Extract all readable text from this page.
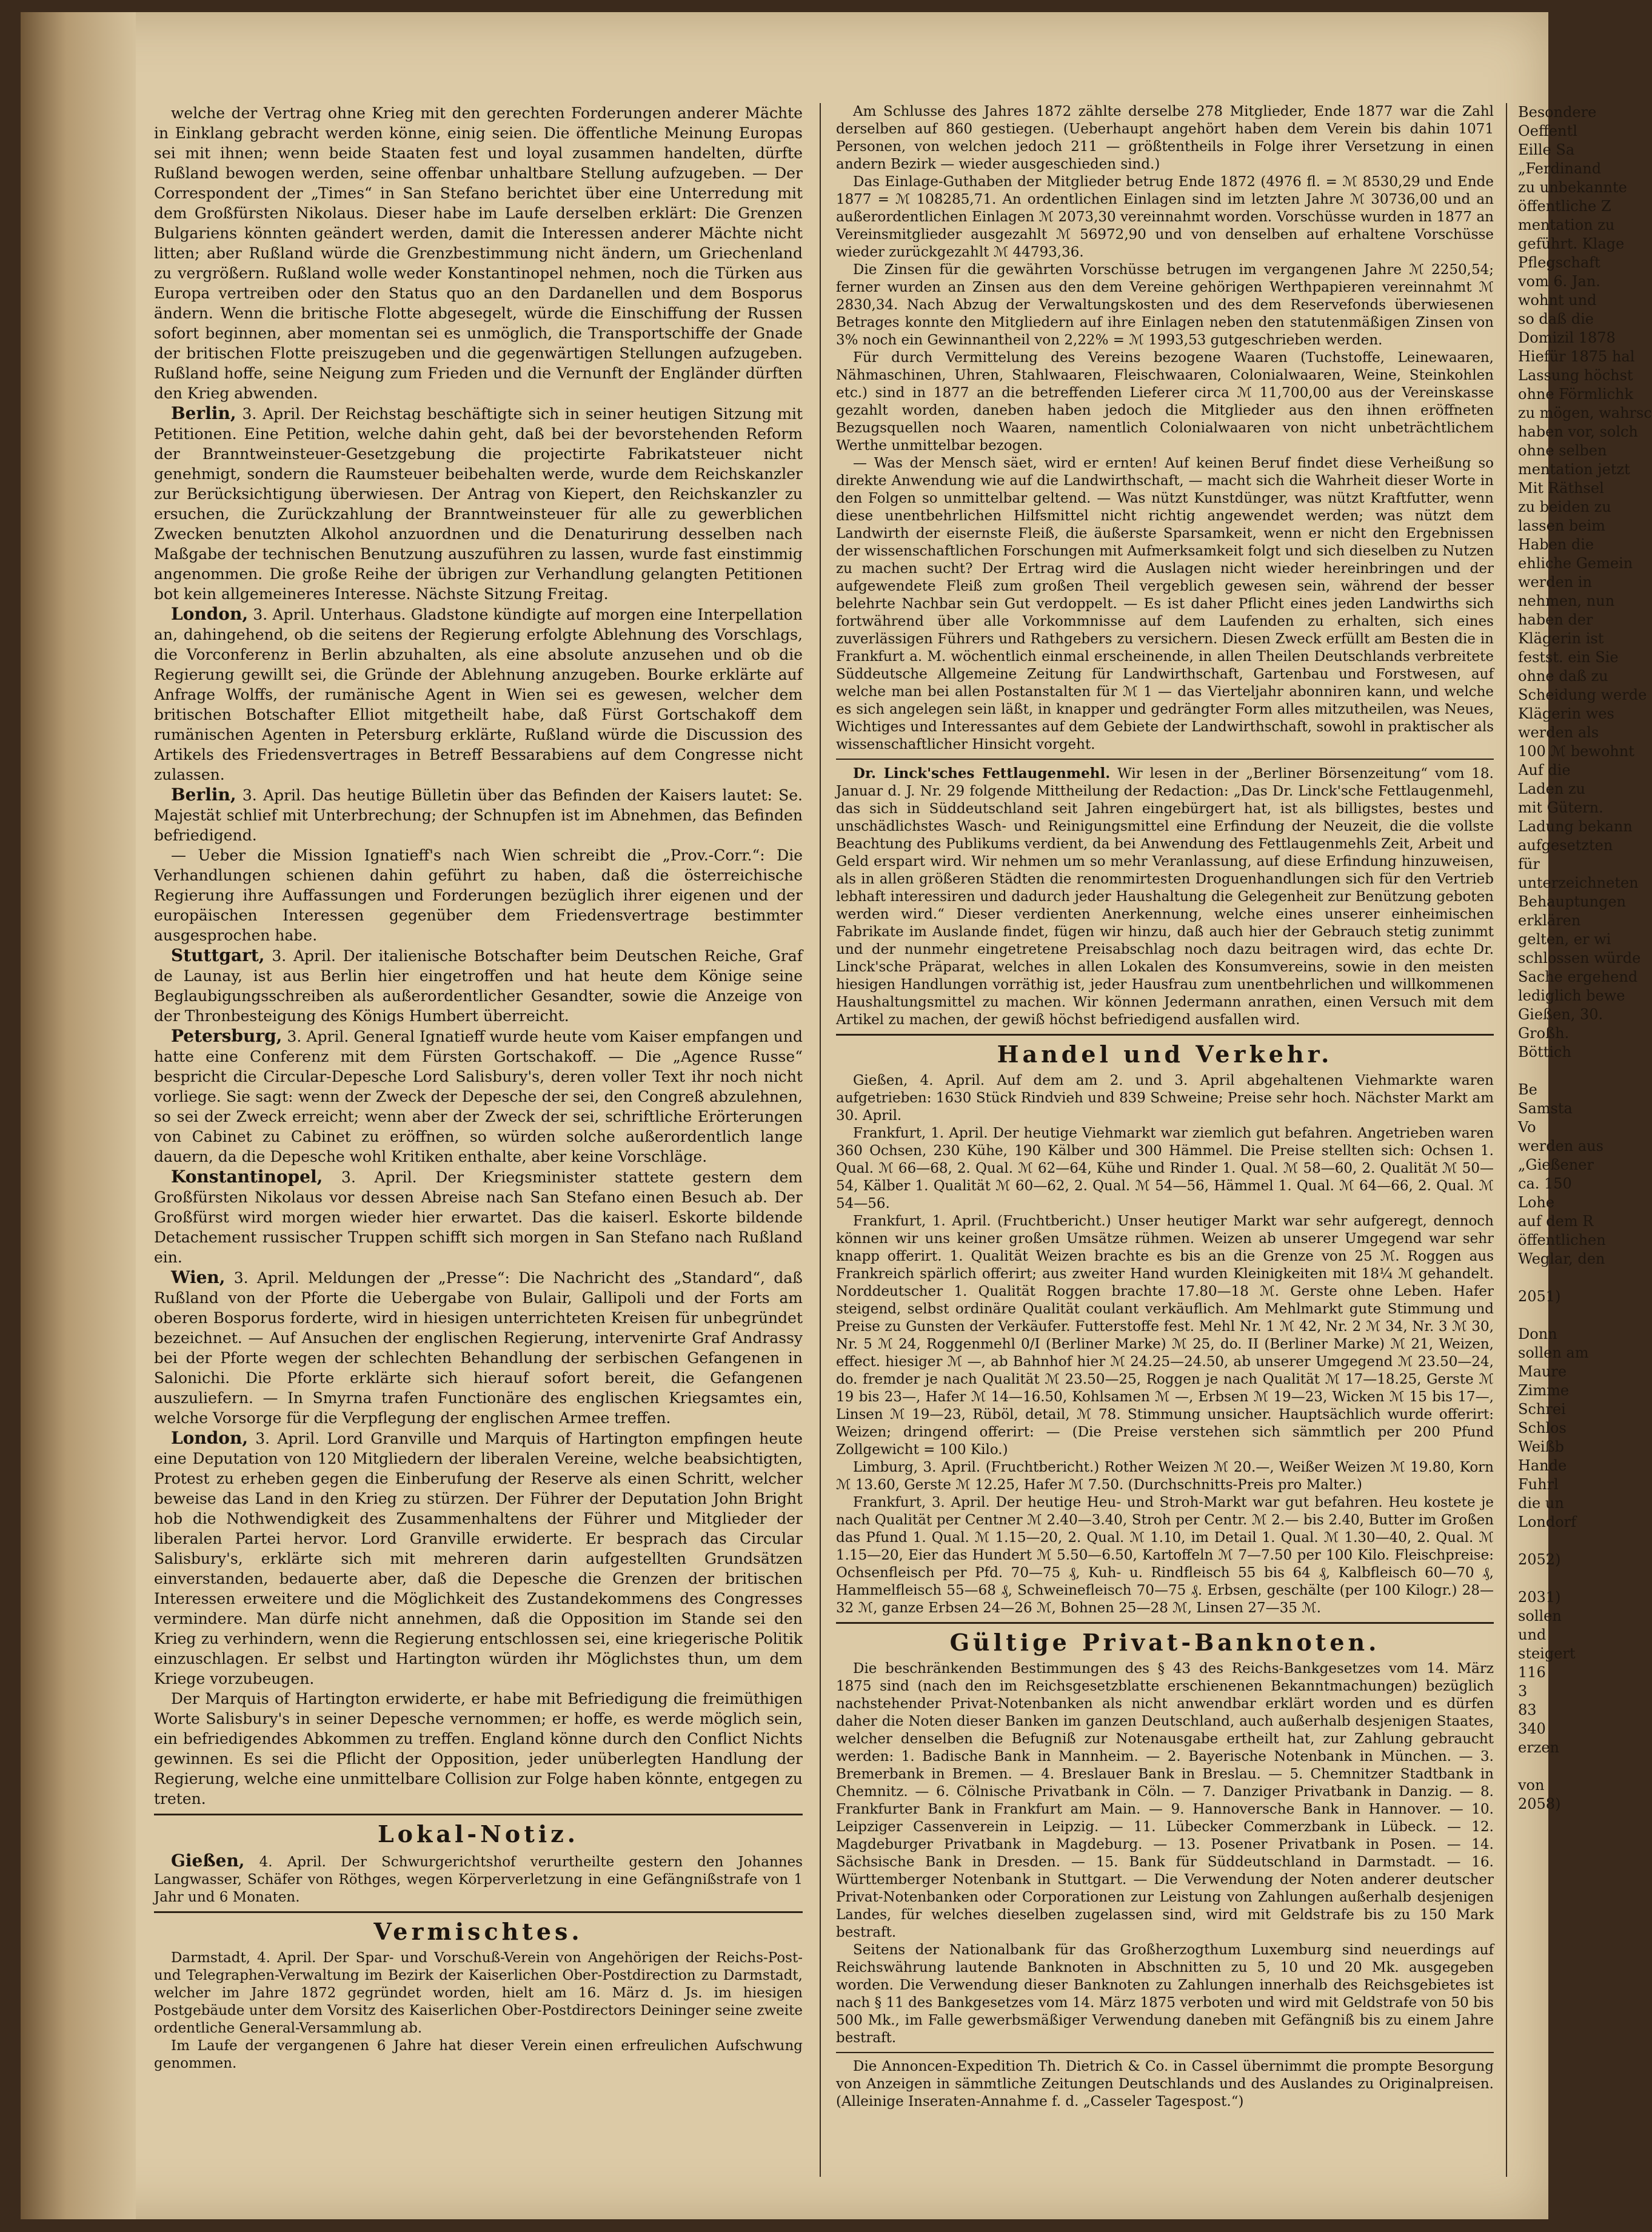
welche der Vertrag ohne Krieg mit den gerechten Forderungen anderer Mächte in Einklang gebracht werden könne, einig seien. Die öffentliche Meinung Europas sei mit ihnen; wenn beide Staaten fest und loyal zusammen handelten, dürfte Rußland bewogen werden, seine offenbar unhaltbare Stellung aufzugeben. — Der Correspondent der „Times“ in San Stefano berichtet über eine Unterredung mit dem Großfürsten Nikolaus. Dieser habe im Laufe derselben erklärt: Die Grenzen Bulgariens könnten geändert werden, damit die Interessen anderer Mächte nicht litten; aber Rußland würde die Grenzbestimmung nicht ändern, um Griechenland zu vergrößern. Rußland wolle weder Konstantinopel nehmen, noch die Türken aus Europa vertreiben oder den Status quo an den Dardanellen und dem Bosporus ändern. Wenn die britische Flotte abgesegelt, würde die Einschiffung der Russen sofort beginnen, aber momentan sei es unmöglich, die Transportschiffe der Gnade der britischen Flotte preiszugeben und die gegenwärtigen Stellungen aufzugeben. Rußland hoffe, seine Neigung zum Frieden und die Vernunft der Engländer dürften den Krieg abwenden.

Berlin, 3. April. Der Reichstag beschäftigte sich in seiner heutigen Sitzung mit Petitionen. Eine Petition, welche dahin geht, daß bei der bevorstehenden Reform der Branntweinsteuer-Gesetzgebung die projectirte Fabrikatsteuer nicht genehmigt, sondern die Raumsteuer beibehalten werde, wurde dem Reichskanzler zur Berücksichtigung überwiesen. Der Antrag von Kiepert, den Reichskanzler zu ersuchen, die Zurückzahlung der Branntweinsteuer für alle zu gewerblichen Zwecken benutzten Alkohol anzuordnen und die Denaturirung desselben nach Maßgabe der technischen Benutzung auszuführen zu lassen, wurde fast einstimmig angenommen. Die große Reihe der übrigen zur Verhandlung gelangten Petitionen bot kein allgemeineres Interesse. Nächste Sitzung Freitag.

London, 3. April. Unterhaus. Gladstone kündigte auf morgen eine Interpellation an, dahingehend, ob die seitens der Regierung erfolgte Ablehnung des Vorschlags, die Vorconferenz in Berlin abzuhalten, als eine absolute anzusehen und ob die Regierung gewillt sei, die Gründe der Ablehnung anzugeben. Bourke erklärte auf Anfrage Wolffs, der rumänische Agent in Wien sei es gewesen, welcher dem britischen Botschafter Elliot mitgetheilt habe, daß Fürst Gortschakoff dem rumänischen Agenten in Petersburg erklärte, Rußland würde die Discussion des Artikels des Friedensvertrages in Betreff Bessarabiens auf dem Congresse nicht zulassen.

Berlin, 3. April. Das heutige Bülletin über das Befinden der Kaisers lautet: Se. Majestät schlief mit Unterbrechung; der Schnupfen ist im Abnehmen, das Befinden befriedigend.

— Ueber die Mission Ignatieff's nach Wien schreibt die „Prov.-Corr.“: Die Verhandlungen schienen dahin geführt zu haben, daß die österreichische Regierung ihre Auffassungen und Forderungen bezüglich ihrer eigenen und der europäischen Interessen gegenüber dem Friedensvertrage bestimmter ausgesprochen habe.

Stuttgart, 3. April. Der italienische Botschafter beim Deutschen Reiche, Graf de Launay, ist aus Berlin hier eingetroffen und hat heute dem Könige seine Beglaubigungsschreiben als außerordentlicher Gesandter, sowie die Anzeige von der Thronbesteigung des Königs Humbert überreicht.

Petersburg, 3. April. General Ignatieff wurde heute vom Kaiser empfangen und hatte eine Conferenz mit dem Fürsten Gortschakoff. — Die „Agence Russe“ bespricht die Circular-Depesche Lord Salisbury's, deren voller Text ihr noch nicht vorliege. Sie sagt: wenn der Zweck der Depesche der sei, den Congreß abzulehnen, so sei der Zweck erreicht; wenn aber der Zweck der sei, schriftliche Erörterungen von Cabinet zu Cabinet zu eröffnen, so würden solche außerordentlich lange dauern, da die Depesche wohl Kritiken enthalte, aber keine Vorschläge.

Konstantinopel, 3. April. Der Kriegsminister stattete gestern dem Großfürsten Nikolaus vor dessen Abreise nach San Stefano einen Besuch ab. Der Großfürst wird morgen wieder hier erwartet. Das die kaiserl. Eskorte bildende Detachement russischer Truppen schifft sich morgen in San Stefano nach Rußland ein.

Wien, 3. April. Meldungen der „Presse“: Die Nachricht des „Standard“, daß Rußland von der Pforte die Uebergabe von Bulair, Gallipoli und der Forts am oberen Bosporus forderte, wird in hiesigen unterrichteten Kreisen für unbegründet bezeichnet. — Auf Ansuchen der englischen Regierung, intervenirte Graf Andrassy bei der Pforte wegen der schlechten Behandlung der serbischen Gefangenen in Salonichi. Die Pforte erklärte sich hierauf sofort bereit, die Gefangenen auszuliefern. — In Smyrna trafen Functionäre des englischen Kriegsamtes ein, welche Vorsorge für die Verpflegung der englischen Armee treffen.

London, 3. April. Lord Granville und Marquis of Hartington empfingen heute eine Deputation von 120 Mitgliedern der liberalen Vereine, welche beabsichtigten, Protest zu erheben gegen die Einberufung der Reserve als einen Schritt, welcher beweise das Land in den Krieg zu stürzen. Der Führer der Deputation John Bright hob die Nothwendigkeit des Zusammenhaltens der Führer und Mitglieder der liberalen Partei hervor. Lord Granville erwiderte. Er besprach das Circular Salisbury's, erklärte sich mit mehreren darin aufgestellten Grundsätzen einverstanden, bedauerte aber, daß die Depesche die Grenzen der britischen Interessen erweitere und die Möglichkeit des Zustandekommens des Congresses vermindere. Man dürfe nicht annehmen, daß die Opposition im Stande sei den Krieg zu verhindern, wenn die Regierung entschlossen sei, eine kriegerische Politik einzuschlagen. Er selbst und Hartington würden ihr Möglichstes thun, um dem Kriege vorzubeugen.

Der Marquis of Hartington erwiderte, er habe mit Befriedigung die freimüthigen Worte Salisbury's in seiner Depesche vernommen; er hoffe, es werde möglich sein, ein befriedigendes Abkommen zu treffen. England könne durch den Conflict Nichts gewinnen. Es sei die Pflicht der Opposition, jeder unüberlegten Handlung der Regierung, welche eine unmittelbare Collision zur Folge haben könnte, entgegen zu treten.

Lokal-Notiz.

Gießen, 4. April. Der Schwurgerichtshof verurtheilte gestern den Johannes Langwasser, Schäfer von Röthges, wegen Körperverletzung in eine Gefängnißstrafe von 1 Jahr und 6 Monaten.

Vermischtes.

Darmstadt, 4. April. Der Spar- und Vorschuß-Verein von Angehörigen der Reichs-Post- und Telegraphen-Verwaltung im Bezirk der Kaiserlichen Ober-Postdirection zu Darmstadt, welcher im Jahre 1872 gegründet worden, hielt am 16. März d. Js. im hiesigen Postgebäude unter dem Vorsitz des Kaiserlichen Ober-Postdirectors Deininger seine zweite ordentliche General-Versammlung ab.

Im Laufe der vergangenen 6 Jahre hat dieser Verein einen erfreulichen Aufschwung genommen.

Am Schlusse des Jahres 1872 zählte derselbe 278 Mitglieder, Ende 1877 war die Zahl derselben auf 860 gestiegen. (Ueberhaupt angehört haben dem Verein bis dahin 1071 Personen, von welchen jedoch 211 — größtentheils in Folge ihrer Versetzung in einen andern Bezirk — wieder ausgeschieden sind.)

Das Einlage-Guthaben der Mitglieder betrug Ende 1872 (4976 fl. = ℳ 8530,29 und Ende 1877 = ℳ 108285,71. An ordentlichen Einlagen sind im letzten Jahre ℳ 30736,00 und an außerordentlichen Einlagen ℳ 2073,30 vereinnahmt worden. Vorschüsse wurden in 1877 an Vereinsmitglieder ausgezahlt ℳ 56972,90 und von denselben auf erhaltene Vorschüsse wieder zurückgezahlt ℳ 44793,36.

Die Zinsen für die gewährten Vorschüsse betrugen im vergangenen Jahre ℳ 2250,54; ferner wurden an Zinsen aus den dem Vereine gehörigen Werthpapieren vereinnahmt ℳ 2830,34. Nach Abzug der Verwaltungskosten und des dem Reservefonds überwiesenen Betrages konnte den Mitgliedern auf ihre Einlagen neben den statutenmäßigen Zinsen von 3% noch ein Gewinnantheil von 2,22% = ℳ 1993,53 gutgeschrieben werden.

Für durch Vermittelung des Vereins bezogene Waaren (Tuchstoffe, Leinewaaren, Nähmaschinen, Uhren, Stahlwaaren, Fleischwaaren, Colonialwaaren, Weine, Steinkohlen etc.) sind in 1877 an die betreffenden Lieferer circa ℳ 11,700,00 aus der Vereinskasse gezahlt worden, daneben haben jedoch die Mitglieder aus den ihnen eröffneten Bezugsquellen noch Waaren, namentlich Colonialwaaren von nicht unbeträchtlichem Werthe unmittelbar bezogen.

— Was der Mensch säet, wird er ernten! Auf keinen Beruf findet diese Verheißung so direkte Anwendung wie auf die Landwirthschaft, — macht sich die Wahrheit dieser Worte in den Folgen so unmittelbar geltend. — Was nützt Kunstdünger, was nützt Kraftfutter, wenn diese unentbehrlichen Hilfsmittel nicht richtig angewendet werden; was nützt dem Landwirth der eisernste Fleiß, die äußerste Sparsamkeit, wenn er nicht den Ergebnissen der wissenschaftlichen Forschungen mit Aufmerksamkeit folgt und sich dieselben zu Nutzen zu machen sucht? Der Ertrag wird die Auslagen nicht wieder hereinbringen und der aufgewendete Fleiß zum großen Theil vergeblich gewesen sein, während der besser belehrte Nachbar sein Gut verdoppelt. — Es ist daher Pflicht eines jeden Landwirths sich fortwährend über alle Vorkommnisse auf dem Laufenden zu erhalten, sich eines zuverlässigen Führers und Rathgebers zu versichern. Diesen Zweck erfüllt am Besten die in Frankfurt a. M. wöchentlich einmal erscheinende, in allen Theilen Deutschlands verbreitete Süddeutsche Allgemeine Zeitung für Landwirthschaft, Gartenbau und Forstwesen, auf welche man bei allen Postanstalten für ℳ 1 — das Vierteljahr abonniren kann, und welche es sich angelegen sein läßt, in knapper und gedrängter Form alles mitzutheilen, was Neues, Wichtiges und Interessantes auf dem Gebiete der Landwirthschaft, sowohl in praktischer als wissenschaftlicher Hinsicht vorgeht.

Dr. Linck'sches Fettlaugenmehl. Wir lesen in der „Berliner Börsenzeitung“ vom 18. Januar d. J. Nr. 29 folgende Mittheilung der Redaction: „Das Dr. Linck'sche Fettlaugenmehl, das sich in Süddeutschland seit Jahren eingebürgert hat, ist als billigstes, bestes und unschädlichstes Wasch- und Reinigungsmittel eine Erfindung der Neuzeit, die die vollste Beachtung des Publikums verdient, da bei Anwendung des Fettlaugenmehls Zeit, Arbeit und Geld erspart wird. Wir nehmen um so mehr Veranlassung, auf diese Erfindung hinzuweisen, als in allen größeren Städten die renommirtesten Droguenhandlungen sich für den Vertrieb lebhaft interessiren und dadurch jeder Haushaltung die Gelegenheit zur Benützung geboten werden wird.“ Dieser verdienten Anerkennung, welche eines unserer einheimischen Fabrikate im Auslande findet, fügen wir hinzu, daß auch hier der Gebrauch stetig zunimmt und der nunmehr eingetretene Preisabschlag noch dazu beitragen wird, das echte Dr. Linck'sche Präparat, welches in allen Lokalen des Konsumvereins, sowie in den meisten hiesigen Handlungen vorräthig ist, jeder Hausfrau zum unentbehrlichen und willkommenen Haushaltungsmittel zu machen. Wir können Jedermann anrathen, einen Versuch mit dem Artikel zu machen, der gewiß höchst befriedigend ausfallen wird.

Handel und Verkehr.

Gießen, 4. April. Auf dem am 2. und 3. April abgehaltenen Viehmarkte waren aufgetrieben: 1630 Stück Rindvieh und 839 Schweine; Preise sehr hoch. Nächster Markt am 30. April.

Frankfurt, 1. April. Der heutige Viehmarkt war ziemlich gut befahren. Angetrieben waren 360 Ochsen, 230 Kühe, 190 Kälber und 300 Hämmel. Die Preise stellten sich: Ochsen 1. Qual. ℳ 66—68, 2. Qual. ℳ 62—64, Kühe und Rinder 1. Qual. ℳ 58—60, 2. Qualität ℳ 50—54, Kälber 1. Qualität ℳ 60—62, 2. Qual. ℳ 54—56, Hämmel 1. Qual. ℳ 64—66, 2. Qual. ℳ 54—56.

Frankfurt, 1. April. (Fruchtbericht.) Unser heutiger Markt war sehr aufgeregt, dennoch können wir uns keiner großen Umsätze rühmen. Weizen ab unserer Umgegend war sehr knapp offerirt. 1. Qualität Weizen brachte es bis an die Grenze von 25 ℳ. Roggen aus Frankreich spärlich offerirt; aus zweiter Hand wurden Kleinigkeiten mit 18¼ ℳ gehandelt. Norddeutscher 1. Qualität Roggen brachte 17.80—18 ℳ. Gerste ohne Leben. Hafer steigend, selbst ordinäre Qualität coulant verkäuflich. Am Mehlmarkt gute Stimmung und Preise zu Gunsten der Verkäufer. Futterstoffe fest. Mehl Nr. 1 ℳ 42, Nr. 2 ℳ 34, Nr. 3 ℳ 30, Nr. 5 ℳ 24, Roggenmehl 0/I (Berliner Marke) ℳ 25, do. II (Berliner Marke) ℳ 21, Weizen, effect. hiesiger ℳ —, ab Bahnhof hier ℳ 24.25—24.50, ab unserer Umgegend ℳ 23.50—24, do. fremder je nach Qualität ℳ 23.50—25, Roggen je nach Qualität ℳ 17—18.25, Gerste ℳ 19 bis 23—, Hafer ℳ 14—16.50, Kohlsamen ℳ —, Erbsen ℳ 19—23, Wicken ℳ 15 bis 17—, Linsen ℳ 19—23, Rüböl, detail, ℳ 78. Stimmung unsicher. Hauptsächlich wurde offerirt: Weizen; dringend offerirt: — (Die Preise verstehen sich sämmtlich per 200 Pfund Zollgewicht = 100 Kilo.)

Limburg, 3. April. (Fruchtbericht.) Rother Weizen ℳ 20.—, Weißer Weizen ℳ 19.80, Korn ℳ 13.60, Gerste ℳ 12.25, Hafer ℳ 7.50. (Durchschnitts-Preis pro Malter.)

Frankfurt, 3. April. Der heutige Heu- und Stroh-Markt war gut befahren. Heu kostete je nach Qualität per Centner ℳ 2.40—3.40, Stroh per Centr. ℳ 2.— bis 2.40, Butter im Großen das Pfund 1. Qual. ℳ 1.15—20, 2. Qual. ℳ 1.10, im Detail 1. Qual. ℳ 1.30—40, 2. Qual. ℳ 1.15—20, Eier das Hundert ℳ 5.50—6.50, Kartoffeln ℳ 7—7.50 per 100 Kilo. Fleischpreise: Ochsenfleisch per Pfd. 70—75 ₰, Kuh- u. Rindfleisch 55 bis 64 ₰, Kalbfleisch 60—70 ₰, Hammelfleisch 55—68 ₰, Schweinefleisch 70—75 ₰. Erbsen, geschälte (per 100 Kilogr.) 28—32 ℳ, ganze Erbsen 24—26 ℳ, Bohnen 25—28 ℳ, Linsen 27—35 ℳ.

Gültige Privat-Banknoten.

Die beschränkenden Bestimmungen des § 43 des Reichs-Bankgesetzes vom 14. März 1875 sind (nach den im Reichsgesetzblatte erschienenen Bekanntmachungen) bezüglich nachstehender Privat-Notenbanken als nicht anwendbar erklärt worden und es dürfen daher die Noten dieser Banken im ganzen Deutschland, auch außerhalb desjenigen Staates, welcher denselben die Befugniß zur Notenausgabe ertheilt hat, zur Zahlung gebraucht werden: 1. Badische Bank in Mannheim. — 2. Bayerische Notenbank in München. — 3. Bremerbank in Bremen. — 4. Breslauer Bank in Breslau. — 5. Chemnitzer Stadtbank in Chemnitz. — 6. Cölnische Privatbank in Cöln. — 7. Danziger Privatbank in Danzig. — 8. Frankfurter Bank in Frankfurt am Main. — 9. Hannoversche Bank in Hannover. — 10. Leipziger Cassenverein in Leipzig. — 11. Lübecker Commerzbank in Lübeck. — 12. Magdeburger Privatbank in Magdeburg. — 13. Posener Privatbank in Posen. — 14. Sächsische Bank in Dresden. — 15. Bank für Süddeutschland in Darmstadt. — 16. Württemberger Notenbank in Stuttgart. — Die Verwendung der Noten anderer deutscher Privat-Notenbanken oder Corporationen zur Leistung von Zahlungen außerhalb desjenigen Landes, für welches dieselben zugelassen sind, wird mit Geldstrafe bis zu 150 Mark bestraft.

Seitens der Nationalbank für das Großherzogthum Luxemburg sind neuerdings auf Reichswährung lautende Banknoten in Abschnitten zu 5, 10 und 20 Mk. ausgegeben worden. Die Verwendung dieser Banknoten zu Zahlungen innerhalb des Reichsgebietes ist nach § 11 des Bankgesetzes vom 14. März 1875 verboten und wird mit Geldstrafe von 50 bis 500 Mk., im Falle gewerbsmäßiger Verwendung daneben mit Gefängniß bis zu einem Jahre bestraft.

Die Annoncen-Expedition Th. Dietrich & Co. in Cassel übernimmt die prompte Besorgung von Anzeigen in sämmtliche Zeitungen Deutschlands und des Auslandes zu Originalpreisen. (Alleinige Inseraten-Annahme f. d. „Casseler Tagespost.“)

Besondere

Oeffentl

Eille Sa

„Ferdinand

zu unbekannte

öffentliche Z

mentation zu

geführt. Klage

Pflegschaft

vom 6. Jan.

wohnt und

so daß die

Domizil 1878

Hiefür 1875 hal

Lassung höchst

ohne Förmlichk

zu mögen, wahrsc

haben vor, solch

ohne selben

mentation jetzt

Mit Räthsel

zu beiden zu

lassen beim

Haben die

ehliche Gemein

werden in

nehmen, nun

haben der

Klägerin ist

festst. ein Sie

ohne daß zu

Scheidung werde

Klägerin wes

werden als

100 ℳ bewohnt

Auf die

Laden zu

mit Gütern.

Ladung bekann

aufgesetzten

für

unterzeichneten

Behauptungen

erklären

gelten, er wi

schlossen würde

Sache ergehend

lediglich bewe

Gießen, 30.

Großh.

Böttich

Be

Samsta

Vo

werden aus

„Gießener

ca. 150

Lohe

auf dem R

öffentlichen

Weglar, den

2051)

Donn

sollen am

Maure

Zimme

Schrei

Schlos

Weißb

Hande

Fuhrl

die un

Londorf

2052)

2031)

sollen

und

steigert

116

3

83

340

erzen

von

2058)
